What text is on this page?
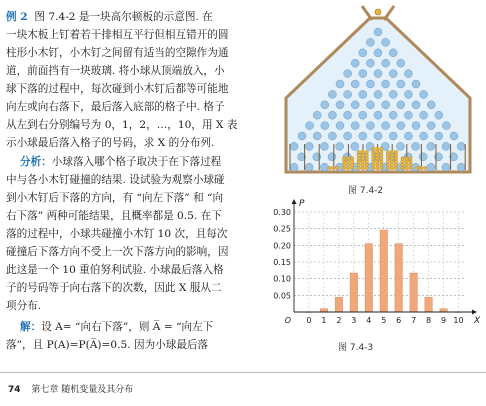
例 2 图 7.4-2 是一块高尔顿板的示意图. 在

一块木板上钉着若干排相互平行但相互错开的圆

柱形小木钉，小木钉之间留有适当的空隙作为通

道，前面挡有一块玻璃. 将小球从顶端放入，小

球下落的过程中，每次碰到小木钉后都等可能地

向左或向右落下，最后落入底部的格子中. 格子

从左到右分别编号为 0，1，2，…，10，用 X 表

示小球最后落入格子的号码，求 X 的分布列.

分析：小球落入哪个格子取决于在下落过程

中与各小木钉碰撞的结果. 设试验为观察小球碰

到小木钉后下落的方向，有 “向左下落” 和 “向

右下落” 两种可能结果，且概率都是 0.5. 在下

落的过程中，小球共碰撞小木钉 10 次，且每次

碰撞后下落方向不受上一次下落方向的影响，因

此这是一个 10 重伯努利试验. 小球最后落入格

子的号码等于向右落下的次数，因此 X 服从二

项分布.

解：设 A= “向右下落”，则 A̅ = “向左下

落”，且 P(A)=P(A̅)=0.5. 因为小球最后落

图 7.4-2
0.05
0.10
0.15
0.20
0.25
0.30
0 1 2 3 4 5 6 7 8 9 10
P
X
O
图 7.4-3
74 第七章 随机变量及其分布
